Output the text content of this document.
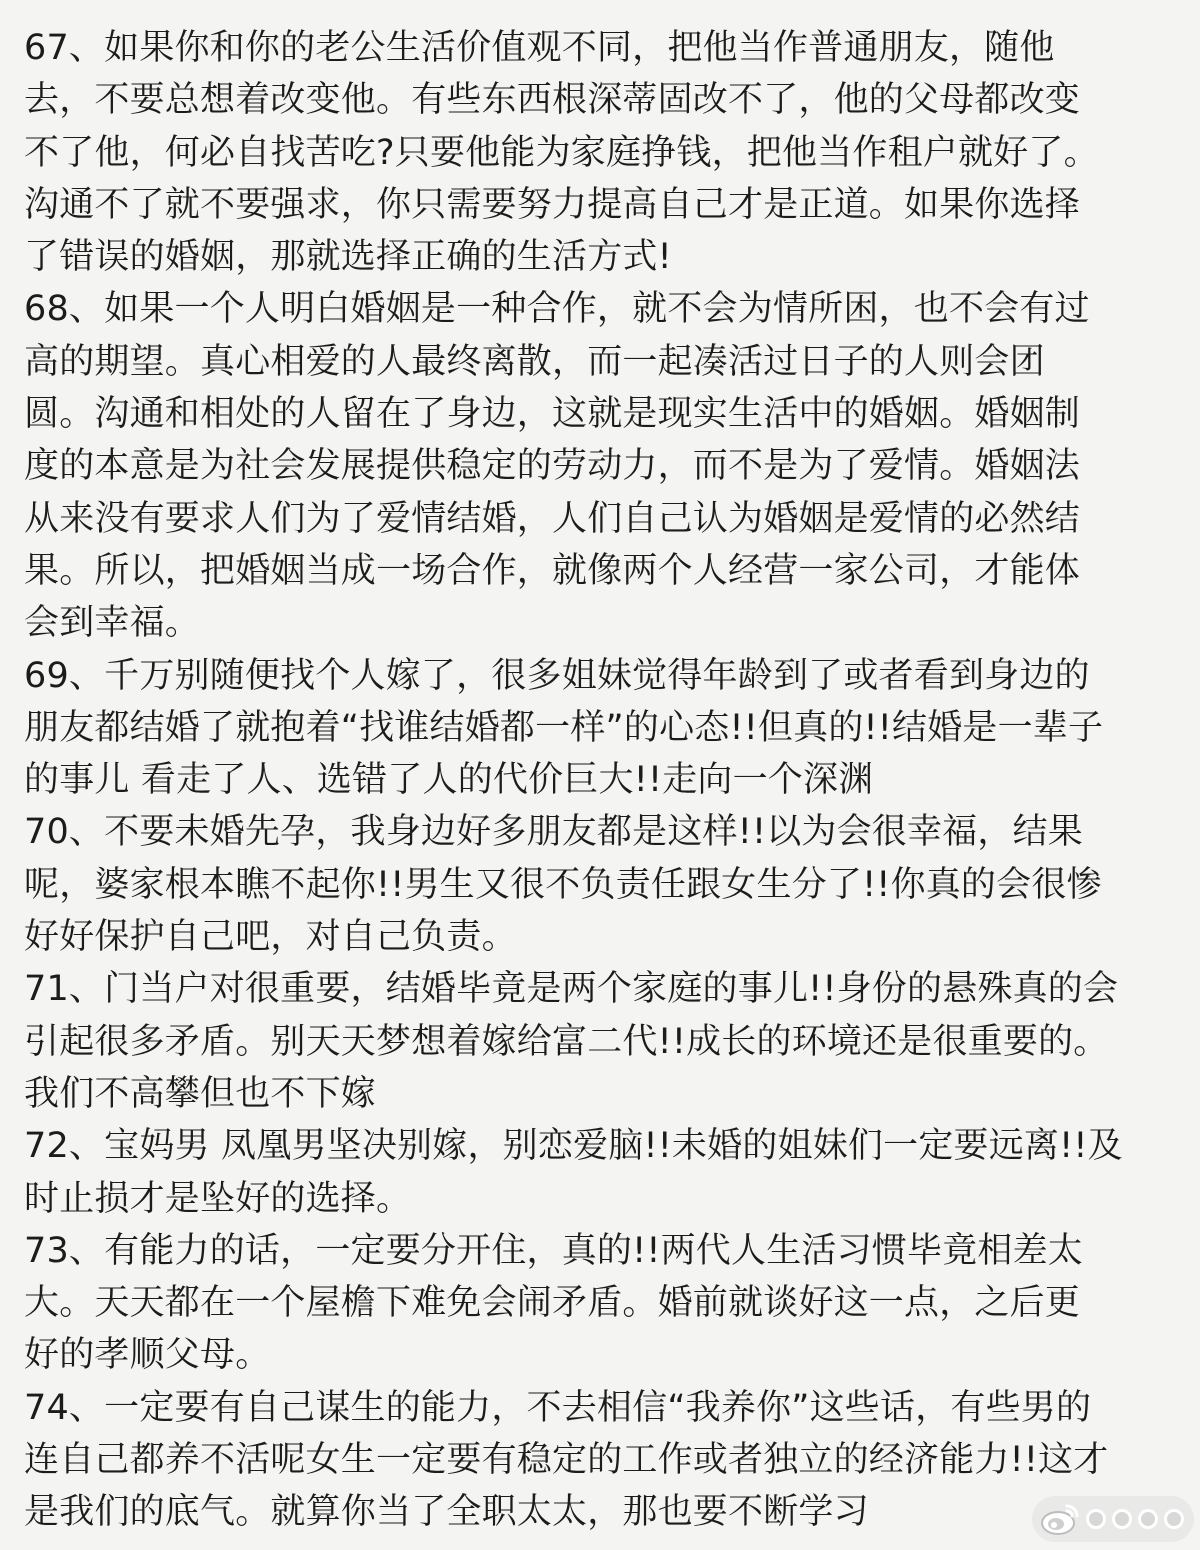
67、如果你和你的老公生活价值观不同，把他当作普通朋友，随他
去，不要总想着改变他。有些东西根深蒂固改不了，他的父母都改变
不了他，何必自找苦吃?只要他能为家庭挣钱，把他当作租户就好了。
沟通不了就不要强求，你只需要努力提高自己才是正道。如果你选择
了错误的婚姻，那就选择正确的生活方式!
68、如果一个人明白婚姻是一种合作，就不会为情所困，也不会有过
高的期望。真心相爱的人最终离散，而一起凑活过日子的人则会团
圆。沟通和相处的人留在了身边，这就是现实生活中的婚姻。婚姻制
度的本意是为社会发展提供稳定的劳动力，而不是为了爱情。婚姻法
从来没有要求人们为了爱情结婚，人们自己认为婚姻是爱情的必然结
果。所以，把婚姻当成一场合作，就像两个人经营一家公司，才能体
会到幸福。
69、千万别随便找个人嫁了，很多姐妹觉得年龄到了或者看到身边的
朋友都结婚了就抱着“找谁结婚都一样”的心态!!但真的!!结婚是一辈子
的事儿 看走了人、选错了人的代价巨大!!走向一个深渊
70、不要未婚先孕，我身边好多朋友都是这样!!以为会很幸福，结果
呢，婆家根本瞧不起你!!男生又很不负责任跟女生分了!!你真的会很惨
好好保护自己吧，对自己负责。
71、门当户对很重要，结婚毕竟是两个家庭的事儿!!身份的悬殊真的会
引起很多矛盾。别天天梦想着嫁给富二代!!成长的环境还是很重要的。
我们不高攀但也不下嫁
72、宝妈男 凤凰男坚决别嫁，别恋爱脑!!未婚的姐妹们一定要远离!!及
时止损才是坠好的选择。
73、有能力的话，一定要分开住，真的!!两代人生活习惯毕竟相差太
大。天天都在一个屋檐下难免会闹矛盾。婚前就谈好这一点，之后更
好的孝顺父母。
74、一定要有自己谋生的能力，不去相信“我养你”这些话，有些男的
连自己都养不活呢女生一定要有稳定的工作或者独立的经济能力!!这才
是我们的底气。就算你当了全职太太，那也要不断学习
